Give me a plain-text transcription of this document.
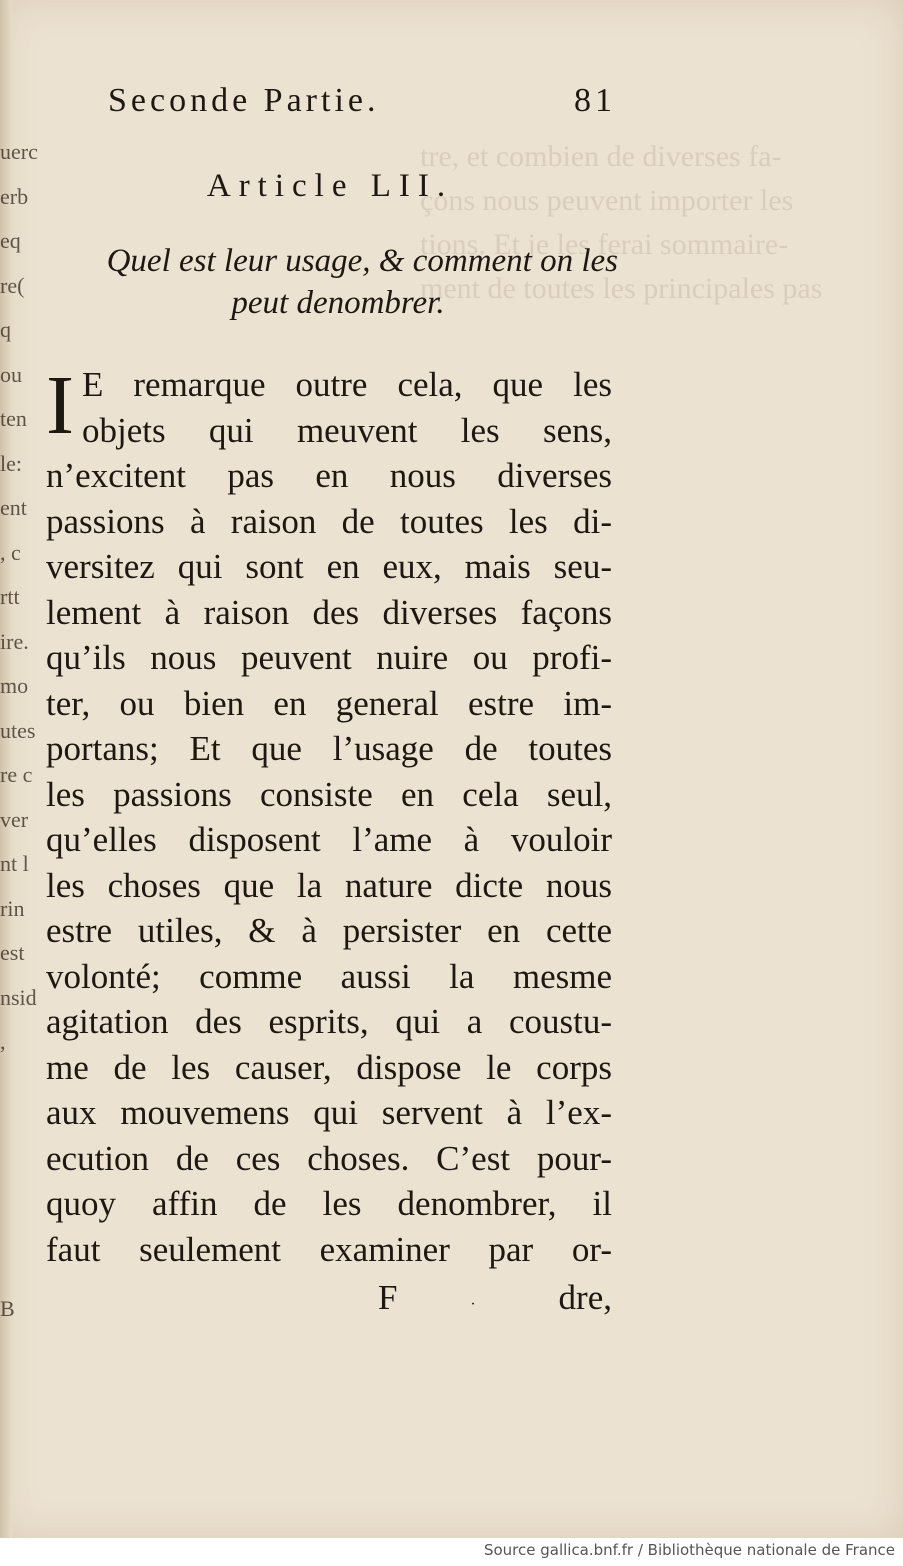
uerc
erb
eq
re(
q
ou
ten
le:
ent
, c
rtt
ire.
mo
utes
re c
ver
nt l
rin
est
nsid
,
B
tre, et combien de diverses fa-
çons nous peuvent importer les
tions. Et je les ferai sommaire-
ment de toutes les principales pas
Seconde Partie.	81
Article LII.
Quel est leur usage, & comment on les
peut denombrer.
I E remarque outre cela, que les
objets qui meuvent les sens,
n’excitent pas en nous diverses
passions à raison de toutes les di-
versitez qui sont en eux, mais seu-
lement à raison des diverses façons
qu’ils nous peuvent nuire ou profi-
ter, ou bien en general estre im-
portans; Et que l’usage de toutes
les passions consiste en cela seul,
qu’elles disposent l’ame à vouloir
les choses que la nature dicte nous
estre utiles, & à persister en cette
volonté; comme aussi la mesme
agitation des esprits, qui a coustu-
me de les causer, dispose le corps
aux mouvemens qui servent à l’ex-
ecution de ces choses. C’est pour-
quoy affin de les denombrer, il
faut seulement examiner par or-
F	·	dre,
Source gallica.bnf.fr / Bibliothèque nationale de France
